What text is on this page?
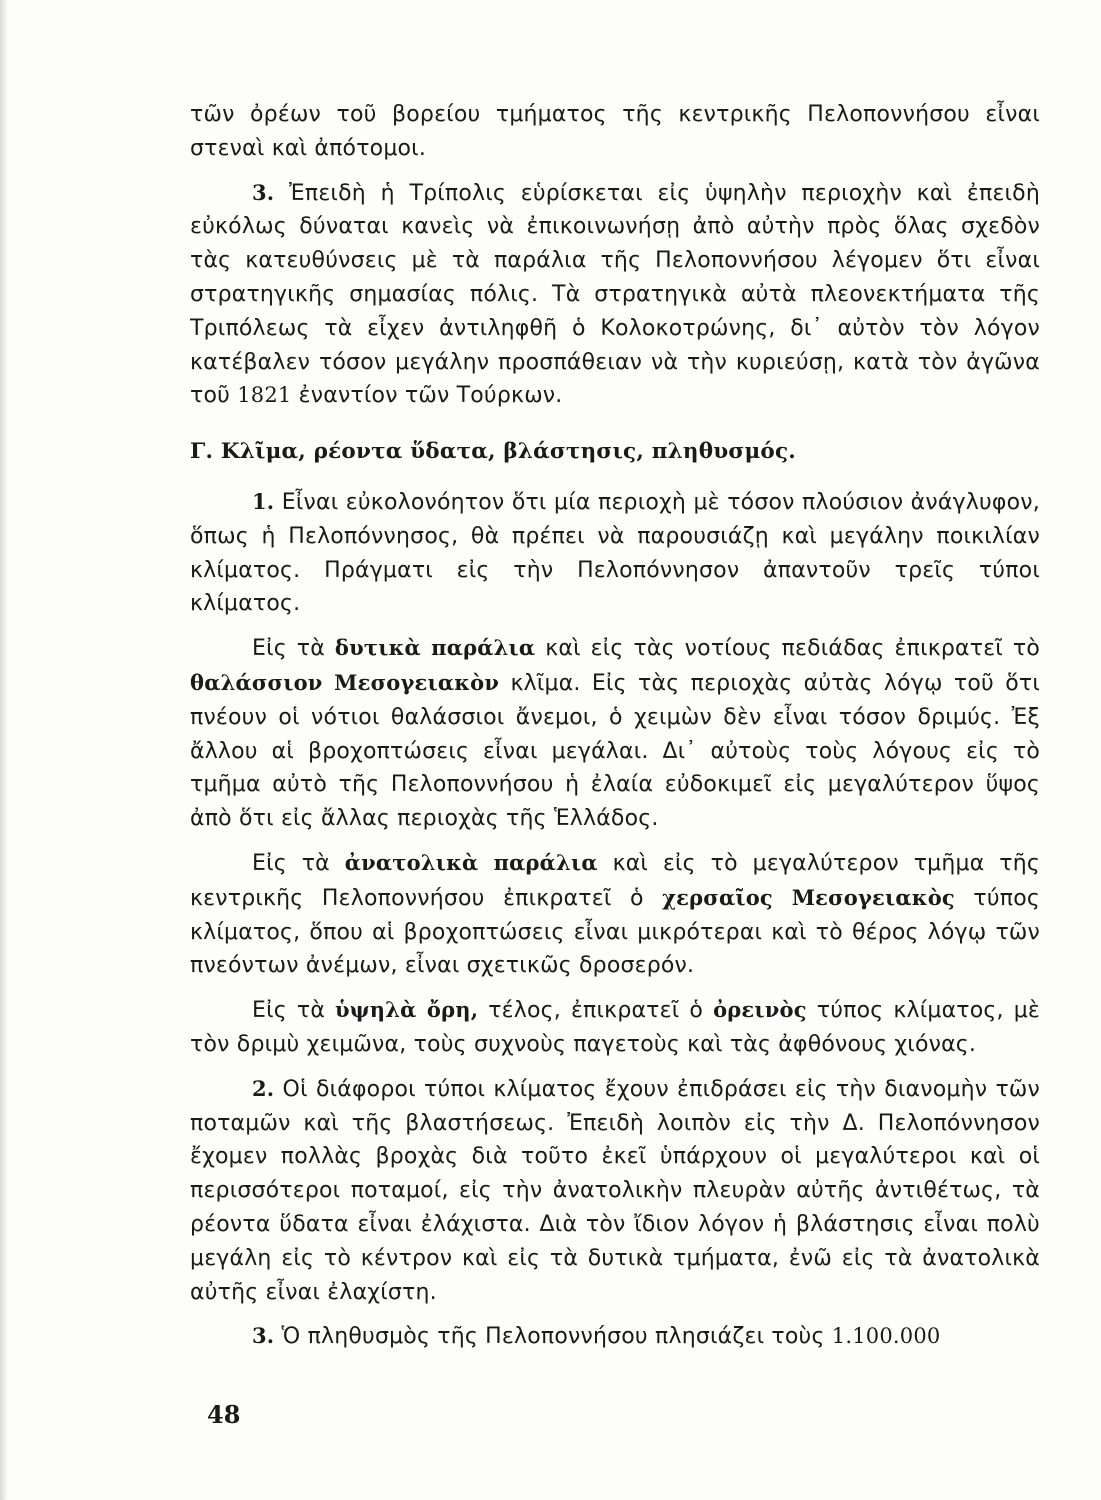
τῶν ὀρέων τοῦ βορείου τμήματος τῆς κεντρικῆς Πελοποννήσου εἶναι στεναὶ καὶ ἀπότομοι.

3. Ἐπειδὴ ἡ Τρίπολις εὑρίσκεται εἰς ὑψηλὴν περιοχὴν καὶ ἐπειδὴ εὐκόλως δύναται κανεὶς νὰ ἐπικοινωνήσῃ ἀπὸ αὐτὴν πρὸς ὅλας σχεδὸν τὰς κατευθύνσεις μὲ τὰ παράλια τῆς Πελοποννήσου λέγομεν ὅτι εἶναι στρατηγικῆς σημασίας πόλις. Τὰ στρατηγικὰ αὐτὰ πλεονεκτήματα τῆς Τριπόλεως τὰ εἶχεν ἀντιληφθῆ ὁ Κολοκοτρώνης, δι᾿ αὐτὸν τὸν λόγον κατέβαλεν τόσον μεγάλην προσπάθειαν νὰ τὴν κυριεύσῃ, κατὰ τὸν ἀγῶνα τοῦ 1821 ἐναντίον τῶν Τούρκων.

Γ. Κλῖμα, ρέοντα ὕδατα, βλάστησις, πληθυσμός.

1. Εἶναι εὐκολονόητον ὅτι μία περιοχὴ μὲ τόσον πλούσιον ἀνάγλυφον, ὅπως ἡ Πελοπόννησος, θὰ πρέπει νὰ παρουσιάζῃ καὶ μεγάλην ποικιλίαν κλίματος. Πράγματι εἰς τὴν Πελοπόννησον ἀπαντοῦν τρεῖς τύποι κλίματος.

Εἰς τὰ δυτικὰ παράλια καὶ εἰς τὰς νοτίους πεδιάδας ἐπικρατεῖ τὸ θαλάσσιον Μεσογειακὸν κλῖμα. Εἰς τὰς περιοχὰς αὐτὰς λόγῳ τοῦ ὅτι πνέουν οἱ νότιοι θαλάσσιοι ἄνεμοι, ὁ χειμὼν δὲν εἶναι τόσον δριμύς. Ἐξ ἄλλου αἱ βροχοπτώσεις εἶναι μεγάλαι. Δι᾿ αὐτοὺς τοὺς λόγους εἰς τὸ τμῆμα αὐτὸ τῆς Πελοποννήσου ἡ ἐλαία εὐδοκιμεῖ εἰς μεγαλύτερον ὕψος ἀπὸ ὅτι εἰς ἄλλας περιοχὰς τῆς Ἑλλάδος.

Εἰς τὰ ἀνατολικὰ παράλια καὶ εἰς τὸ μεγαλύτερον τμῆμα τῆς κεντρικῆς Πελοποννήσου ἐπικρατεῖ ὁ χερσαῖος Μεσογειακὸς τύπος κλίματος, ὅπου αἱ βροχοπτώσεις εἶναι μικρότεραι καὶ τὸ θέρος λόγῳ τῶν πνεόντων ἀνέμων, εἶναι σχετικῶς δροσερόν.

Εἰς τὰ ὑψηλὰ ὄρη, τέλος, ἐπικρατεῖ ὁ ὀρεινὸς τύπος κλίματος, μὲ τὸν δριμὺ χειμῶνα, τοὺς συχνοὺς παγετοὺς καὶ τὰς ἀφθόνους χιόνας.

2. Οἱ διάφοροι τύποι κλίματος ἔχουν ἐπιδράσει εἰς τὴν διανομὴν τῶν ποταμῶν καὶ τῆς βλαστήσεως. Ἐπειδὴ λοιπὸν εἰς τὴν Δ. Πελοπόννησον ἔχομεν πολλὰς βροχὰς διὰ τοῦτο ἐκεῖ ὑπάρχουν οἱ μεγαλύτεροι καὶ οἱ περισσότεροι ποταμοί, εἰς τὴν ἀνατολικὴν πλευρὰν αὐτῆς ἀντιθέτως, τὰ ρέοντα ὕδατα εἶναι ἐλάχιστα. Διὰ τὸν ἴδιον λόγον ἡ βλάστησις εἶναι πολὺ μεγάλη εἰς τὸ κέντρον καὶ εἰς τὰ δυτικὰ τμήματα, ἐνῶ εἰς τὰ ἀνατολικὰ αὐτῆς εἶναι ἐλαχίστη.

3. Ὁ πληθυσμὸς τῆς Πελοποννήσου πλησιάζει τοὺς 1.100.000

48
